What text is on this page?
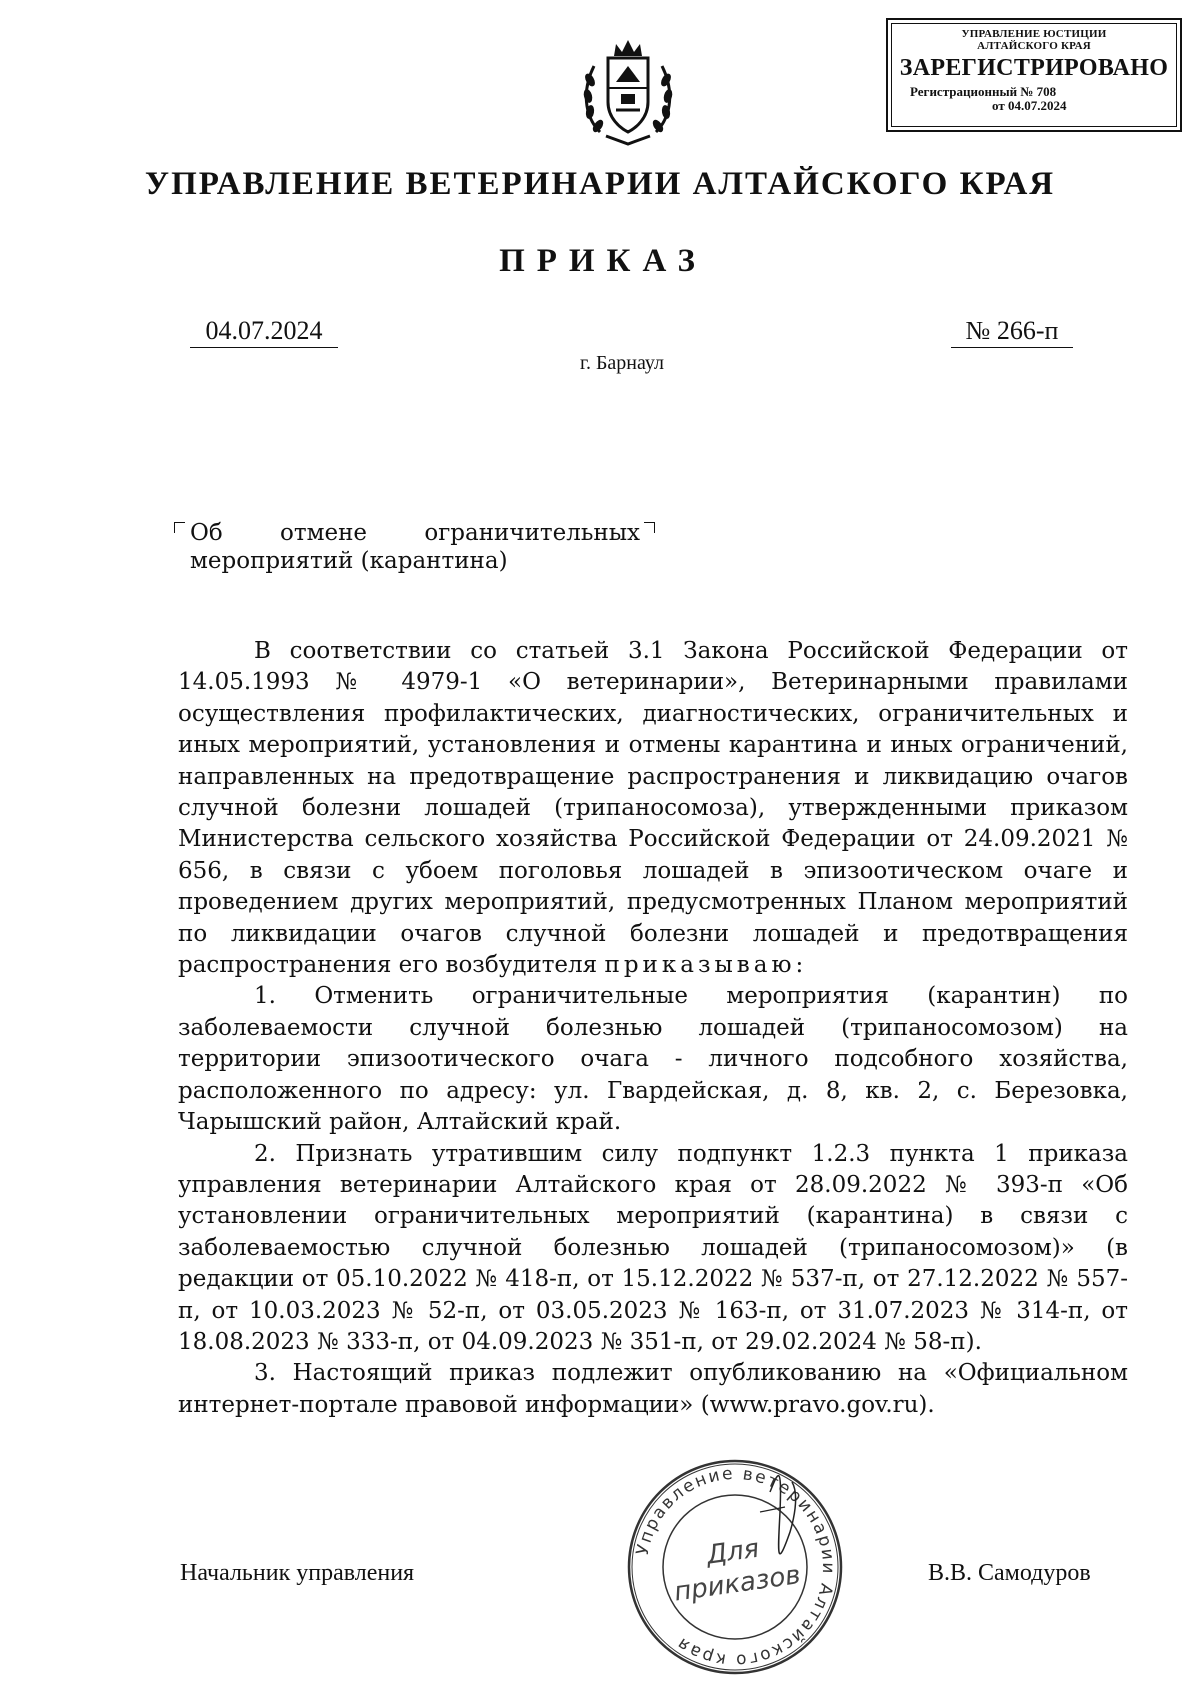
УПРАВЛЕНИЕ ЮСТИЦИИ
АЛТАЙСКОГО КРАЯ
ЗАРЕГИСТРИРОВАНО
Регистрационный № 708
от 04.07.2024
УПРАВЛЕНИЕ ВЕТЕРИНАРИИ АЛТАЙСКОГО КРАЯ
ПРИКАЗ
04.07.2024	№ 266-п
г. Барнаул
Об отмене ограничительных
мероприятий (карантина)

В соответствии со статьей 3.1 Закона Российской Федерации от 14.05.1993 № 4979-1 «О ветеринарии», Ветеринарными правилами осуществления профилактических, диагностических, ограничительных и иных мероприятий, установления и отмены карантина и иных ограничений, направленных на предотвращение распространения и ликвидацию очагов случной болезни лошадей (трипаносомоза), утвержденными приказом Министерства сельского хозяйства Российской Федерации от 24.09.2021 № 656, в связи с убоем поголовья лошадей в эпизоотическом очаге и проведением других мероприятий, предусмотренных Планом мероприятий по ликвидации очагов случной болезни лошадей и предотвращения распространения его возбудителя приказываю:

1. Отменить ограничительные мероприятия (карантин) по заболеваемости случной болезнью лошадей (трипаносомозом) на территории эпизоотического очага - личного подсобного хозяйства, расположенного по адресу: ул. Гвардейская, д. 8, кв. 2, с. Березовка, Чарышский район, Алтайский край.

2. Признать утратившим силу подпункт 1.2.3 пункта 1 приказа управления ветеринарии Алтайского края от 28.09.2022 № 393-п «Об установлении ограничительных мероприятий (карантина) в связи с заболеваемостью случной болезнью лошадей (трипаносомозом)» (в редакции от 05.10.2022 № 418-п, от 15.12.2022 № 537-п, от 27.12.2022 № 557-п, от 10.03.2023 № 52-п, от 03.05.2023 № 163-п, от 31.07.2023 № 314-п, от 18.08.2023 № 333-п, от 04.09.2023 № 351-п, от 29.02.2024 № 58-п).

3. Настоящий приказ подлежит опубликованию на «Официальном интернет-портале правовой информации» (www.pravo.gov.ru).

Управление ветеринарии Алтайского края
Для
приказов
Начальник управления	В.В. Самодуров
